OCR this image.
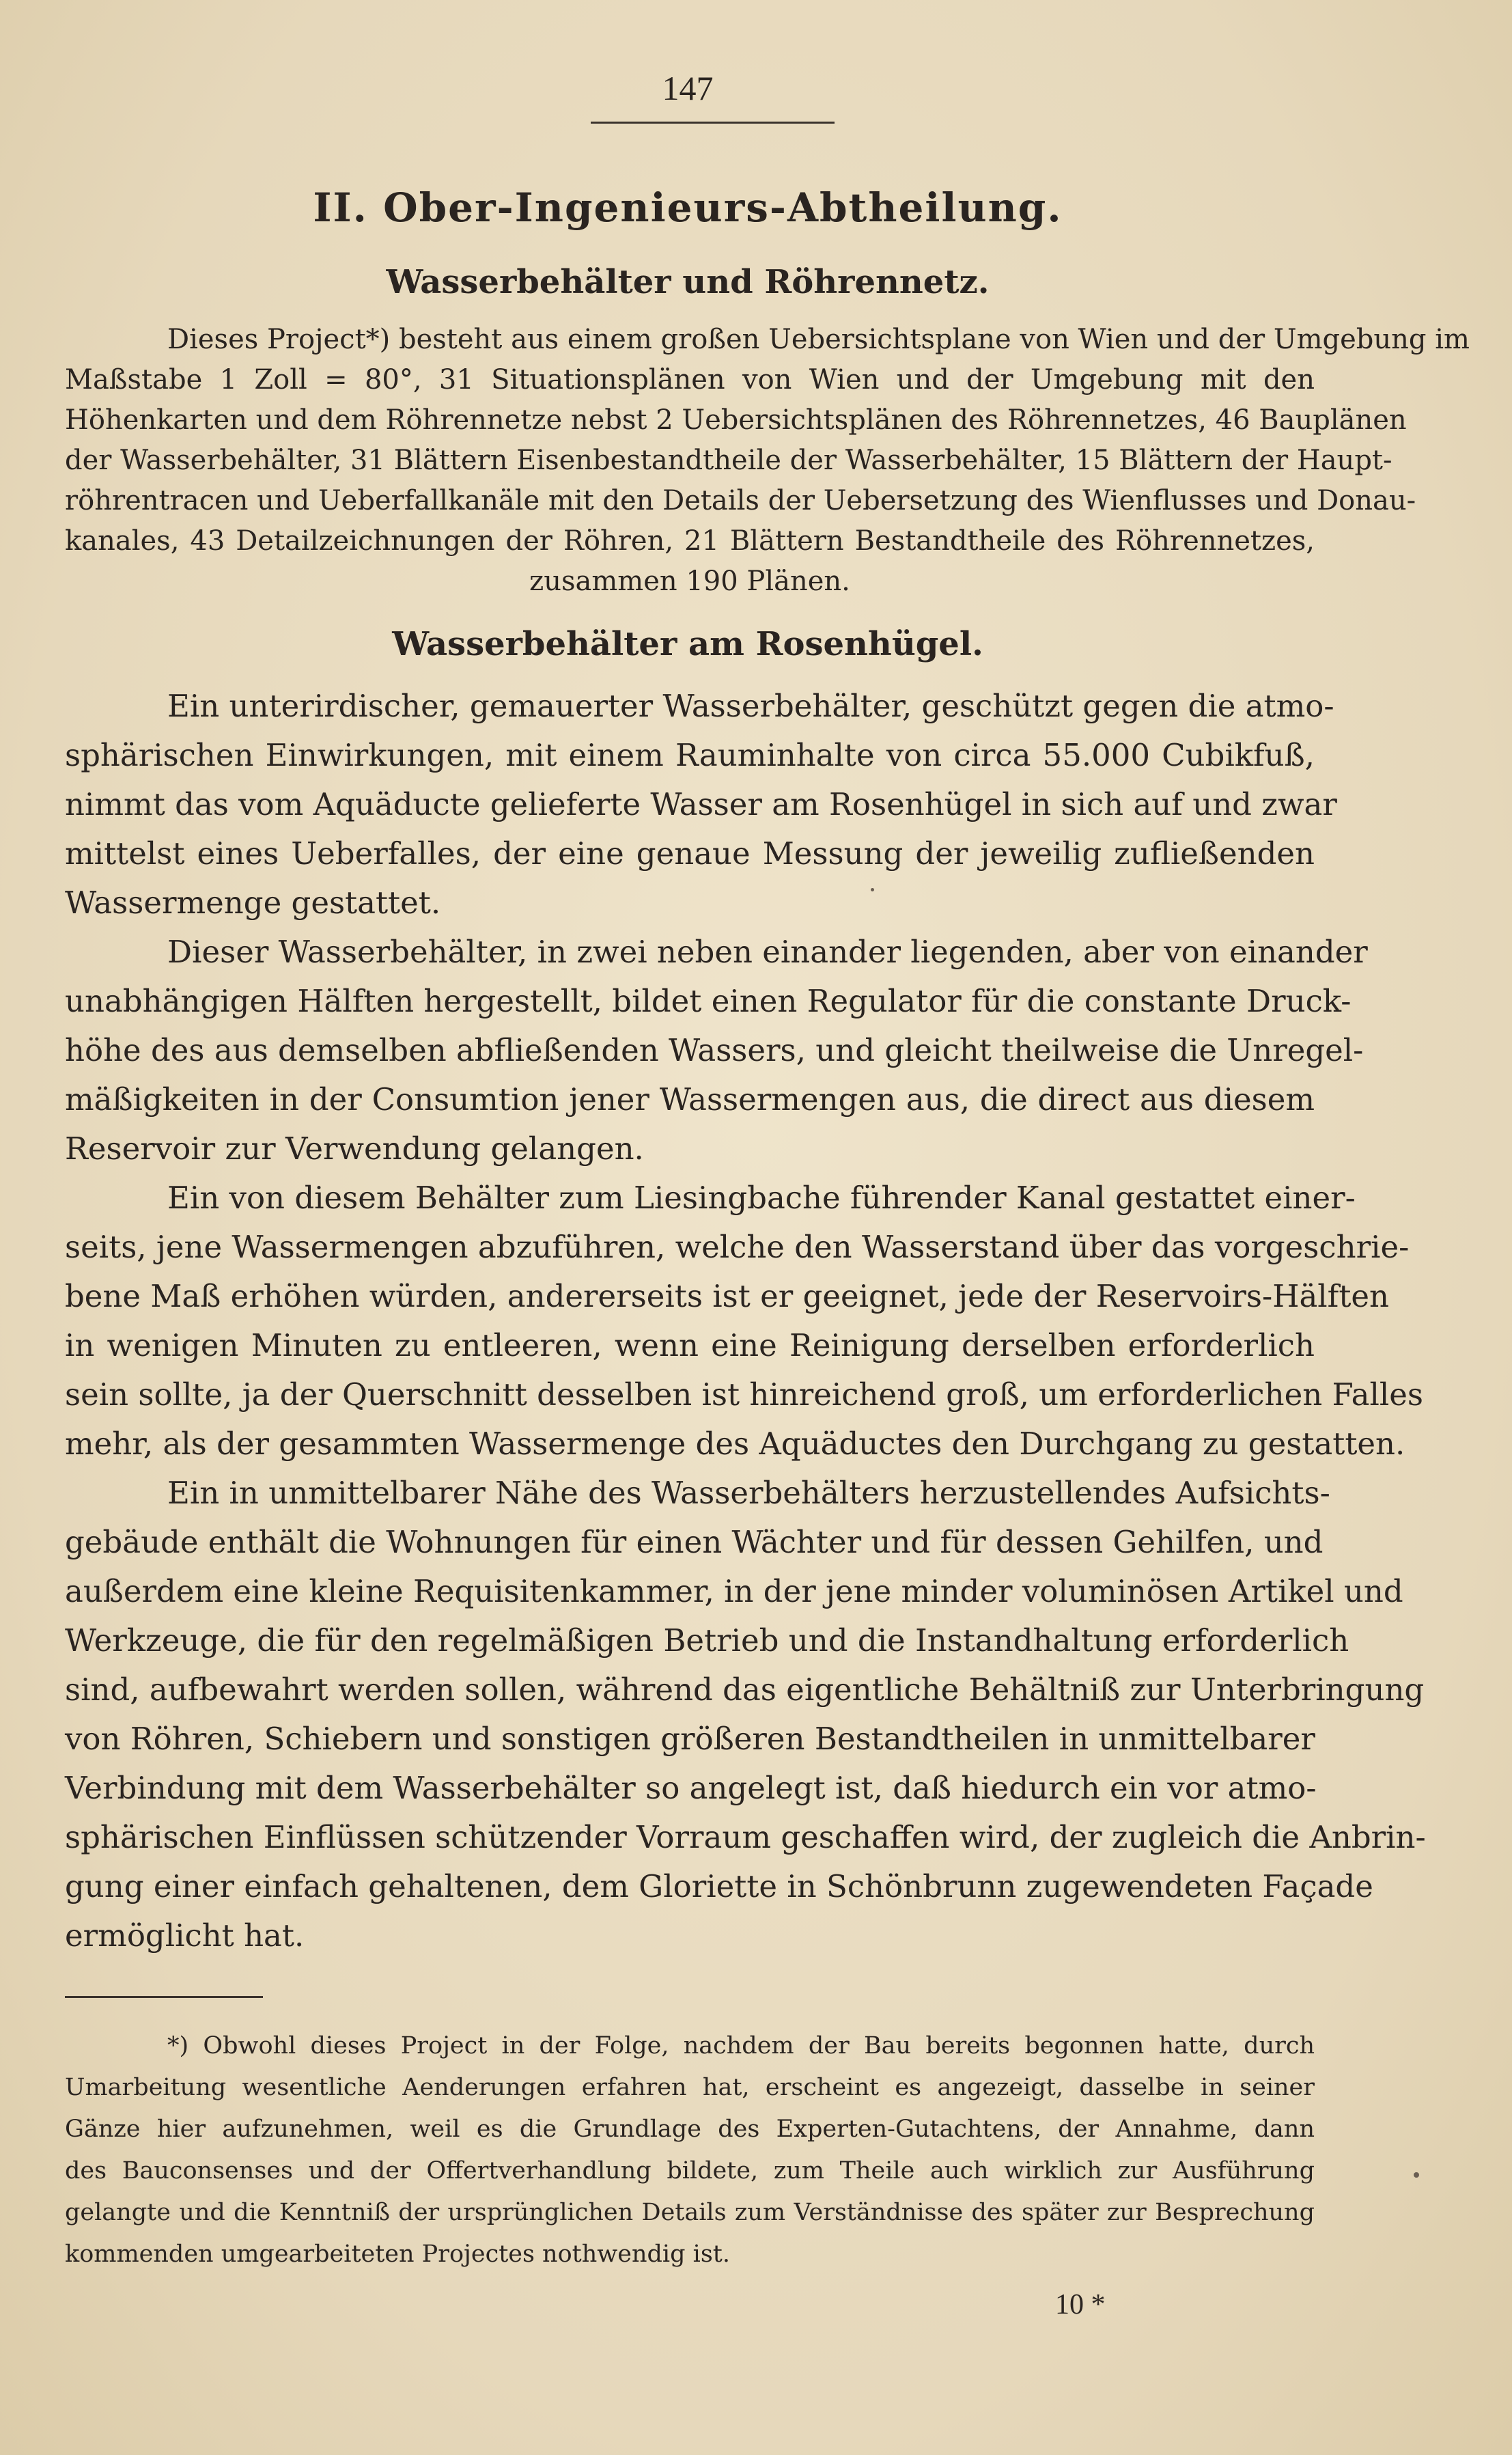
147
II. Ober-Ingenieurs-Abtheilung.
Wasserbehälter und Röhrennetz.
Dieses Project*) besteht aus einem großen Uebersichtsplane von Wien und der Umgebung im
Maßstabe 1 Zoll = 80°, 31 Situationsplänen von Wien und der Umgebung mit den
Höhenkarten und dem Röhrennetze nebst 2 Uebersichtsplänen des Röhrennetzes, 46 Bauplänen
der Wasserbehälter, 31 Blättern Eisenbestandtheile der Wasserbehälter, 15 Blättern der Haupt-
röhrentracen und Ueberfallkanäle mit den Details der Uebersetzung des Wienflusses und Donau-
kanales, 43 Detailzeichnungen der Röhren, 21 Blättern Bestandtheile des Röhrennetzes,
zusammen 190 Plänen.
Wasserbehälter am Rosenhügel.
Ein unterirdischer, gemauerter Wasserbehälter, geschützt gegen die atmo-
sphärischen Einwirkungen, mit einem Rauminhalte von circa 55.000 Cubikfuß,
nimmt das vom Aquäducte gelieferte Wasser am Rosenhügel in sich auf und zwar
mittelst eines Ueberfalles, der eine genaue Messung der jeweilig zufließenden
Wassermenge gestattet.
Dieser Wasserbehälter, in zwei neben einander liegenden, aber von einander
unabhängigen Hälften hergestellt, bildet einen Regulator für die constante Druck-
höhe des aus demselben abfließenden Wassers, und gleicht theilweise die Unregel-
mäßigkeiten in der Consumtion jener Wassermengen aus, die direct aus diesem
Reservoir zur Verwendung gelangen.
Ein von diesem Behälter zum Liesingbache führender Kanal gestattet einer-
seits, jene Wassermengen abzuführen, welche den Wasserstand über das vorgeschrie-
bene Maß erhöhen würden, andererseits ist er geeignet, jede der Reservoirs-Hälften
in wenigen Minuten zu entleeren, wenn eine Reinigung derselben erforderlich
sein sollte, ja der Querschnitt desselben ist hinreichend groß, um erforderlichen Falles
mehr, als der gesammten Wassermenge des Aquäductes den Durchgang zu gestatten.
Ein in unmittelbarer Nähe des Wasserbehälters herzustellendes Aufsichts-
gebäude enthält die Wohnungen für einen Wächter und für dessen Gehilfen, und
außerdem eine kleine Requisitenkammer, in der jene minder voluminösen Artikel und
Werkzeuge, die für den regelmäßigen Betrieb und die Instandhaltung erforderlich
sind, aufbewahrt werden sollen, während das eigentliche Behältniß zur Unterbringung
von Röhren, Schiebern und sonstigen größeren Bestandtheilen in unmittelbarer
Verbindung mit dem Wasserbehälter so angelegt ist, daß hiedurch ein vor atmo-
sphärischen Einflüssen schützender Vorraum geschaffen wird, der zugleich die Anbrin-
gung einer einfach gehaltenen, dem Gloriette in Schönbrunn zugewendeten Façade
ermöglicht hat.
*) Obwohl dieses Project in der Folge, nachdem der Bau bereits begonnen hatte, durch
Umarbeitung wesentliche Aenderungen erfahren hat, erscheint es angezeigt, dasselbe in seiner
Gänze hier aufzunehmen, weil es die Grundlage des Experten-Gutachtens, der Annahme, dann
des Bauconsenses und der Offertverhandlung bildete, zum Theile auch wirklich zur Ausführung
gelangte und die Kenntniß der ursprünglichen Details zum Verständnisse des später zur Besprechung
kommenden umgearbeiteten Projectes nothwendig ist.
10 *
